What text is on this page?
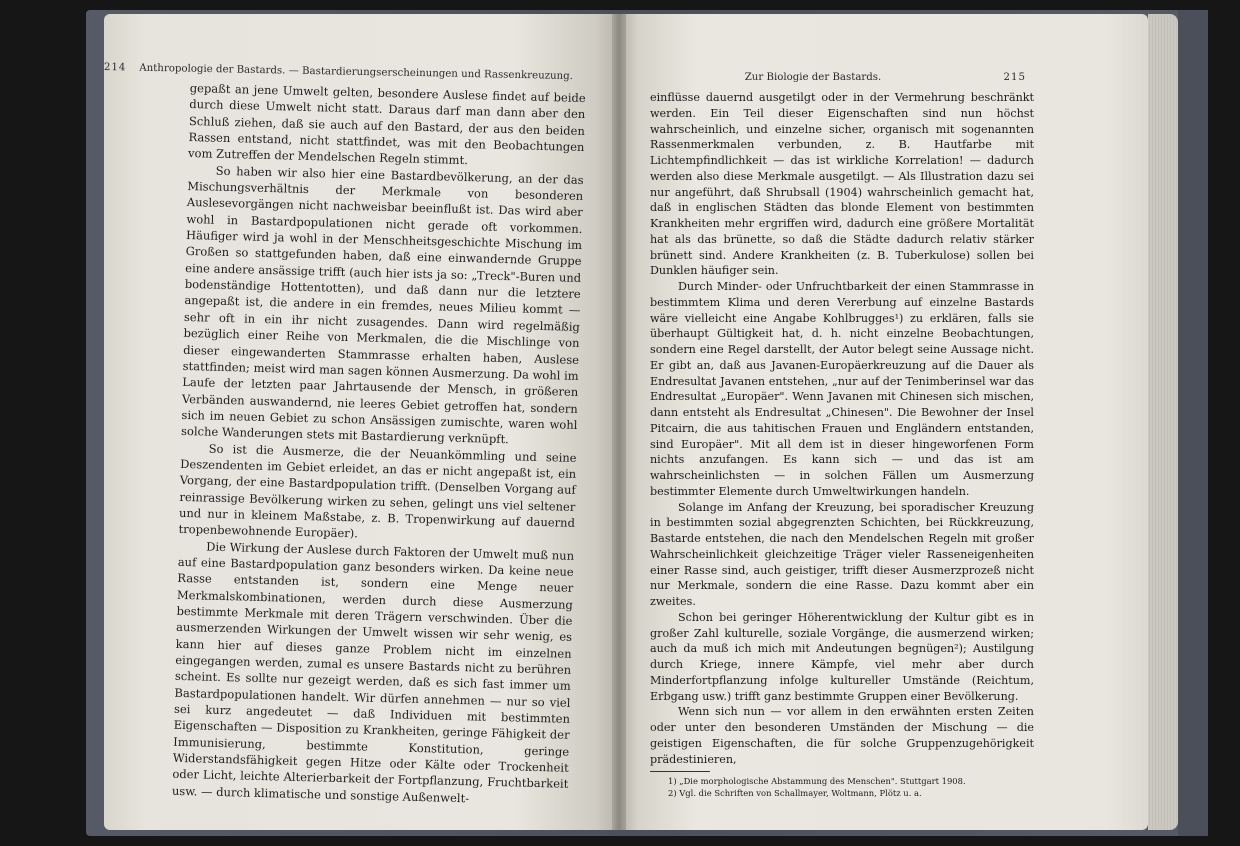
214 Anthropologie der Bastards. — Bastardierungserscheinungen und Rassenkreuzung.

gepaßt an jene Umwelt gelten, besondere Auslese findet auf beide durch diese Umwelt nicht statt. Daraus darf man dann aber den Schluß ziehen, daß sie auch auf den Bastard, der aus den beiden Rassen entstand, nicht stattfindet, was mit den Beobachtungen vom Zutreffen der Mendelschen Regeln stimmt.

So haben wir also hier eine Bastardbevölkerung, an der das Mischungsverhältnis der Merkmale von besonderen Auslesevorgängen nicht nachweisbar beeinflußt ist. Das wird aber wohl in Bastardpopulationen nicht gerade oft vorkommen. Häufiger wird ja wohl in der Menschheitsgeschichte Mischung im Großen so stattgefunden haben, daß eine einwandernde Gruppe eine andere ansässige trifft (auch hier ists ja so: „Treck"-Buren und bodenständige Hottentotten), und daß dann nur die letztere angepaßt ist, die andere in ein fremdes, neues Milieu kommt — sehr oft in ein ihr nicht zusagendes. Dann wird regelmäßig bezüglich einer Reihe von Merkmalen, die die Mischlinge von dieser eingewanderten Stammrasse erhalten haben, Auslese stattfinden; meist wird man sagen können Ausmerzung. Da wohl im Laufe der letzten paar Jahrtausende der Mensch, in größeren Verbänden auswandernd, nie leeres Gebiet getroffen hat, sondern sich im neuen Gebiet zu schon Ansässigen zumischte, waren wohl solche Wanderungen stets mit Bastardierung verknüpft.

So ist die Ausmerze, die der Neuankömmling und seine Deszendenten im Gebiet erleidet, an das er nicht angepaßt ist, ein Vorgang, der eine Bastardpopulation trifft. (Denselben Vorgang auf reinrassige Bevölkerung wirken zu sehen, gelingt uns viel seltener und nur in kleinem Maßstabe, z. B. Tropenwirkung auf dauernd tropenbewohnende Europäer).

Die Wirkung der Auslese durch Faktoren der Umwelt muß nun auf eine Bastardpopulation ganz besonders wirken. Da keine neue Rasse entstanden ist, sondern eine Menge neuer Merkmalskombinationen, werden durch diese Ausmerzung bestimmte Merkmale mit deren Trägern verschwinden. Über die ausmerzenden Wirkungen der Umwelt wissen wir sehr wenig, es kann hier auf dieses ganze Problem nicht im einzelnen eingegangen werden, zumal es unsere Bastards nicht zu berühren scheint. Es sollte nur gezeigt werden, daß es sich fast immer um Bastardpopulationen handelt. Wir dürfen annehmen — nur so viel sei kurz angedeutet — daß Individuen mit bestimmten Eigenschaften — Disposition zu Krankheiten, geringe Fähigkeit der Immunisierung, bestimmte Konstitution, geringe Widerstandsfähigkeit gegen Hitze oder Kälte oder Trockenheit oder Licht, leichte Alterierbarkeit der Fortpflanzung, Fruchtbarkeit usw. — durch klimatische und sonstige Außenwelt-

Zur Biologie der Bastards.	215

einflüsse dauernd ausgetilgt oder in der Vermehrung beschränkt werden. Ein Teil dieser Eigenschaften sind nun höchst wahrscheinlich, und einzelne sicher, organisch mit sogenannten Rassenmerkmalen verbunden, z. B. Hautfarbe mit Lichtempfindlichkeit — das ist wirkliche Korrelation! — dadurch werden also diese Merkmale ausgetilgt. — Als Illustration dazu sei nur angeführt, daß Shrubsall (1904) wahrscheinlich gemacht hat, daß in englischen Städten das blonde Element von bestimmten Krankheiten mehr ergriffen wird, dadurch eine größere Mortalität hat als das brünette, so daß die Städte dadurch relativ stärker brünett sind. Andere Krankheiten (z. B. Tuberkulose) sollen bei Dunklen häufiger sein.

Durch Minder- oder Unfruchtbarkeit der einen Stammrasse in bestimmtem Klima und deren Vererbung auf einzelne Bastards wäre vielleicht eine Angabe Kohlbrugges¹) zu erklären, falls sie überhaupt Gültigkeit hat, d. h. nicht einzelne Beobachtungen, sondern eine Regel darstellt, der Autor belegt seine Aussage nicht. Er gibt an, daß aus Javanen-Europäerkreuzung auf die Dauer als Endresultat Javanen entstehen, „nur auf der Tenimberinsel war das Endresultat „Europäer". Wenn Javanen mit Chinesen sich mischen, dann entsteht als Endresultat „Chinesen". Die Bewohner der Insel Pitcairn, die aus tahitischen Frauen und Engländern entstanden, sind Europäer". Mit all dem ist in dieser hingeworfenen Form nichts anzufangen. Es kann sich — und das ist am wahrscheinlichsten — in solchen Fällen um Ausmerzung bestimmter Elemente durch Umweltwirkungen handeln.

Solange im Anfang der Kreuzung, bei sporadischer Kreuzung in bestimmten sozial abgegrenzten Schichten, bei Rückkreuzung, Bastarde entstehen, die nach den Mendelschen Regeln mit großer Wahrscheinlichkeit gleichzeitige Träger vieler Rasseneigenheiten einer Rasse sind, auch geistiger, trifft dieser Ausmerzprozeß nicht nur Merkmale, sondern die eine Rasse. Dazu kommt aber ein zweites.

Schon bei geringer Höherentwicklung der Kultur gibt es in großer Zahl kulturelle, soziale Vorgänge, die ausmerzend wirken; auch da muß ich mich mit Andeutungen begnügen²); Austilgung durch Kriege, innere Kämpfe, viel mehr aber durch Minderfortpflanzung infolge kultureller Umstände (Reichtum, Erbgang usw.) trifft ganz bestimmte Gruppen einer Bevölkerung.

Wenn sich nun — vor allem in den erwähnten ersten Zeiten oder unter den besonderen Umständen der Mischung — die geistigen Eigenschaften, die für solche Gruppenzugehörigkeit prädestinieren,

1) „Die morphologische Abstammung des Menschen". Stuttgart 1908.

2) Vgl. die Schriften von Schallmayer, Woltmann, Plötz u. a.
